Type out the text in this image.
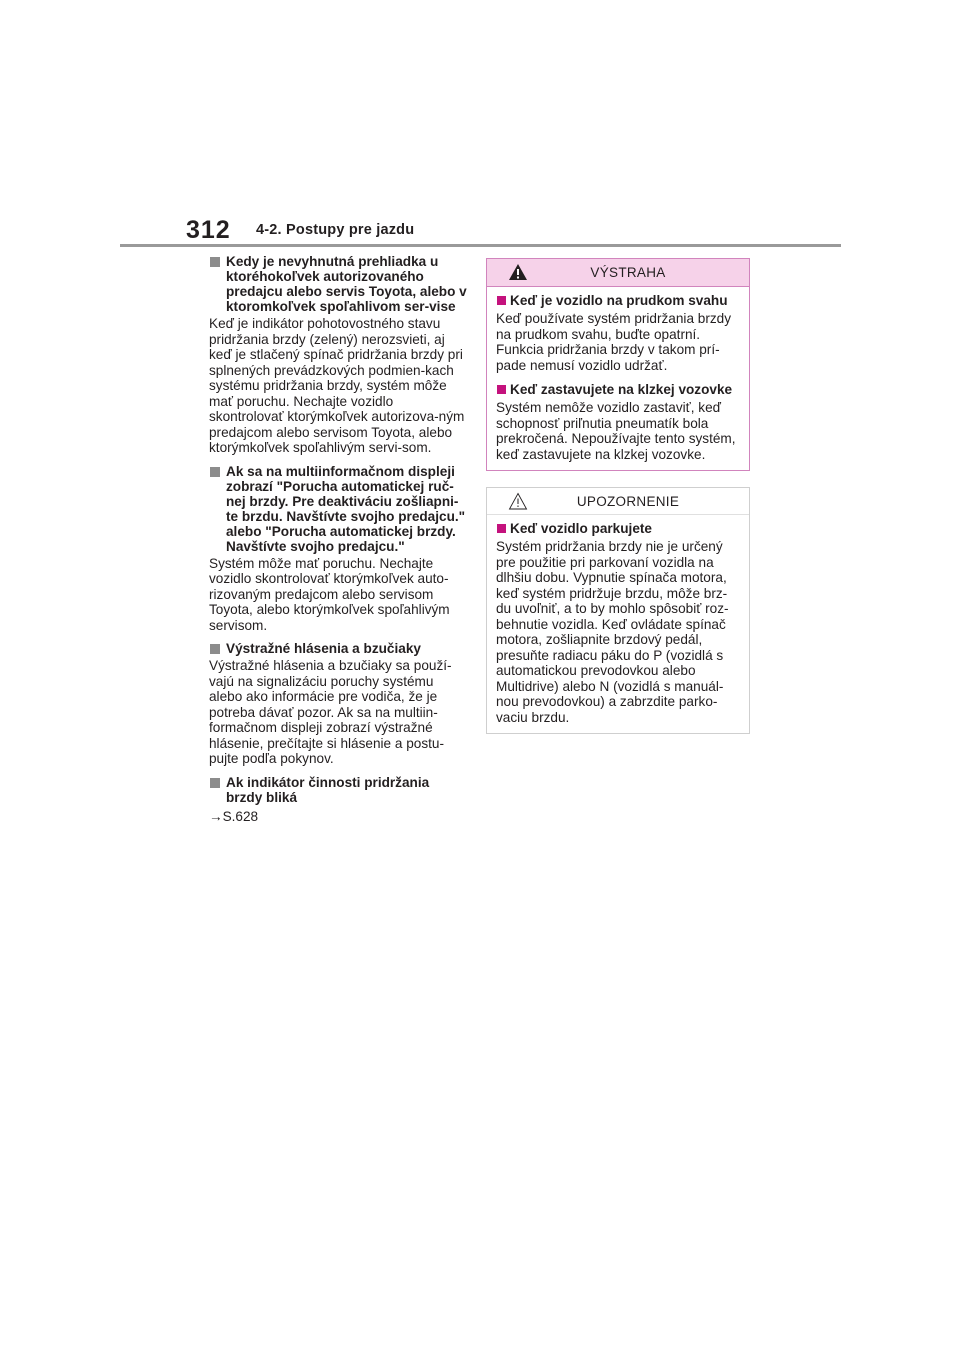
312	4-2. Postupy pre jazdu
Kedy je nevyhnutná prehliadka u ktoréhokoľvek autorizovaného predajcu alebo servis Toyota, alebo v ktoromkoľvek spoľahlivom ser-vise

Keď je indikátor pohotovostného stavu pridržania brzdy (zelený) nerozsvieti, aj keď je stlačený spínač pridržania brzdy pri splnených prevádzkových podmien-kach systému pridržania brzdy, systém môže mať poruchu. Nechajte vozidlo skontrolovať ktorýmkoľvek autorizova-ným predajcom alebo servisom Toyota, alebo ktorýmkoľvek spoľahlivým servi-som.

Ak sa na multiinformačnom displeji zobrazí "Porucha automatickej ruč-nej brzdy. Pre deaktiváciu zošliapni-te brzdu. Navštívte svojho predajcu." alebo "Porucha automatickej brzdy. Navštívte svojho predajcu."

Systém môže mať poruchu. Nechajte vozidlo skontrolovať ktorýmkoľvek auto-rizovaným predajcom alebo servisom Toyota, alebo ktorýmkoľvek spoľahlivým servisom.

Výstražné hlásenia a bzučiaky

Výstražné hlásenia a bzučiaky sa použí-vajú na signalizáciu poruchy systému alebo ako informácie pre vodiča, že je potreba dávať pozor. Ak sa na multiin-formačnom displeji zobrazí výstražné hlásenie, prečítajte si hlásenie a postu-pujte podľa pokynov.

Ak indikátor činnosti pridržania brzdy bliká

→S.628

VÝSTRAHA
Keď je vozidlo na prudkom svahu

Keď používate systém pridržania brzdy na prudkom svahu, buďte opatrní. Funkcia pridržania brzdy v takom prí-pade nemusí vozidlo udržať.

Keď zastavujete na klzkej vozovke

Systém nemôže vozidlo zastaviť, keď schopnosť priľnutia pneumatík bola prekročená. Nepoužívajte tento systém, keď zastavujete na klzkej vozovke.

UPOZORNENIE
Keď vozidlo parkujete

Systém pridržania brzdy nie je určený pre použitie pri parkovaní vozidla na dlhšiu dobu. Vypnutie spínača motora, keď systém pridržuje brzdu, môže brz-du uvoľniť, a to by mohlo spôsobiť roz-behnutie vozidla. Keď ovládate spínač motora, zošliapnite brzdový pedál, presuňte radiacu páku do P (vozidlá s automatickou prevodovkou alebo Multidrive) alebo N (vozidlá s manuál-nou prevodovkou) a zabrzdite parko-vaciu brzdu.
